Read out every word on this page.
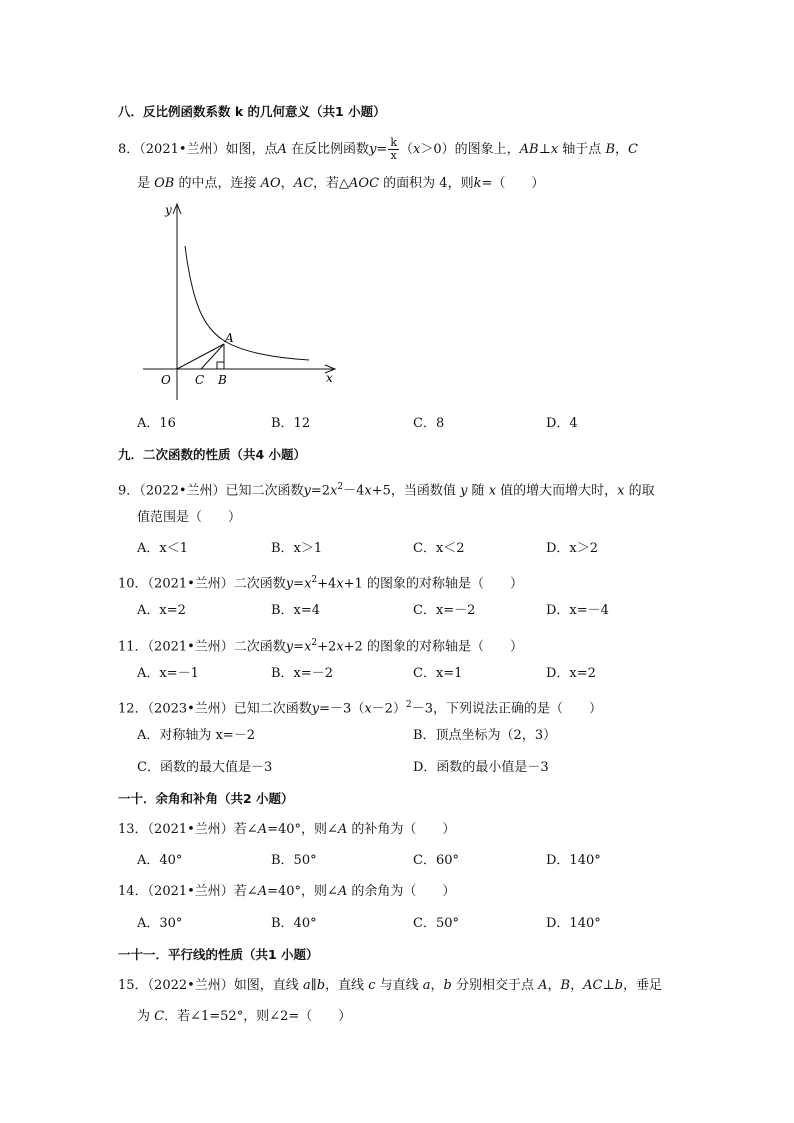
八．反比例函数系数 k 的几何意义（共1 小题）
8．（2021•兰州）如图，点A 在反比例函数$y= \frac{k}{x} (x>0)$的图象上，AB⊥x 轴于点 B，C
是 OB 的中点，连接 AO，AC，若△AOC 的面积为 4，则k=（　　）
y
x
O C B
A
A．16	B．12	C．8	D．4
九．二次函数的性质（共4 小题）
9．（2022•兰州）已知二次函数$y=2x^2-4x+5$，当函数值 y 随 x 值的增大而增大时，x 的取
值范围是（　　）
A．x＜1	B．x＞1	C．x＜2	D．x＞2
10．（2021•兰州）二次函数$y=x^2+4x+1$ 的图象的对称轴是（　　）
A．x=2	B．x=4	C．x=－2	D．x=－4
11．（2021•兰州）二次函数$y=x^2+2x+2$ 的图象的对称轴是（　　）
A．x=－1	B．x=－2	C．x=1	D．x=2
12．（2023•兰州）已知二次函数$y=-3(x-2)^2-3$，下列说法正确的是（　　）
A．对称轴为 x=－2	B．顶点坐标为（2，3）
C．函数的最大值是－3	D．函数的最小值是－3
一十．余角和补角（共2 小题）
13．（2021•兰州）若∠A=40°，则∠A 的补角为（　　）
A．40°	B．50°	C．60°	D．140°
14．（2021•兰州）若∠A=40°，则∠A 的余角为（　　）
A．30°	B．40°	C．50°	D．140°
一十一．平行线的性质（共1 小题）
15．（2022•兰州）如图，直线 a∥b，直线 c 与直线 a，b 分别相交于点 A，B，AC⊥b，垂足
为 C．若∠1=52°，则∠2=（　　）
